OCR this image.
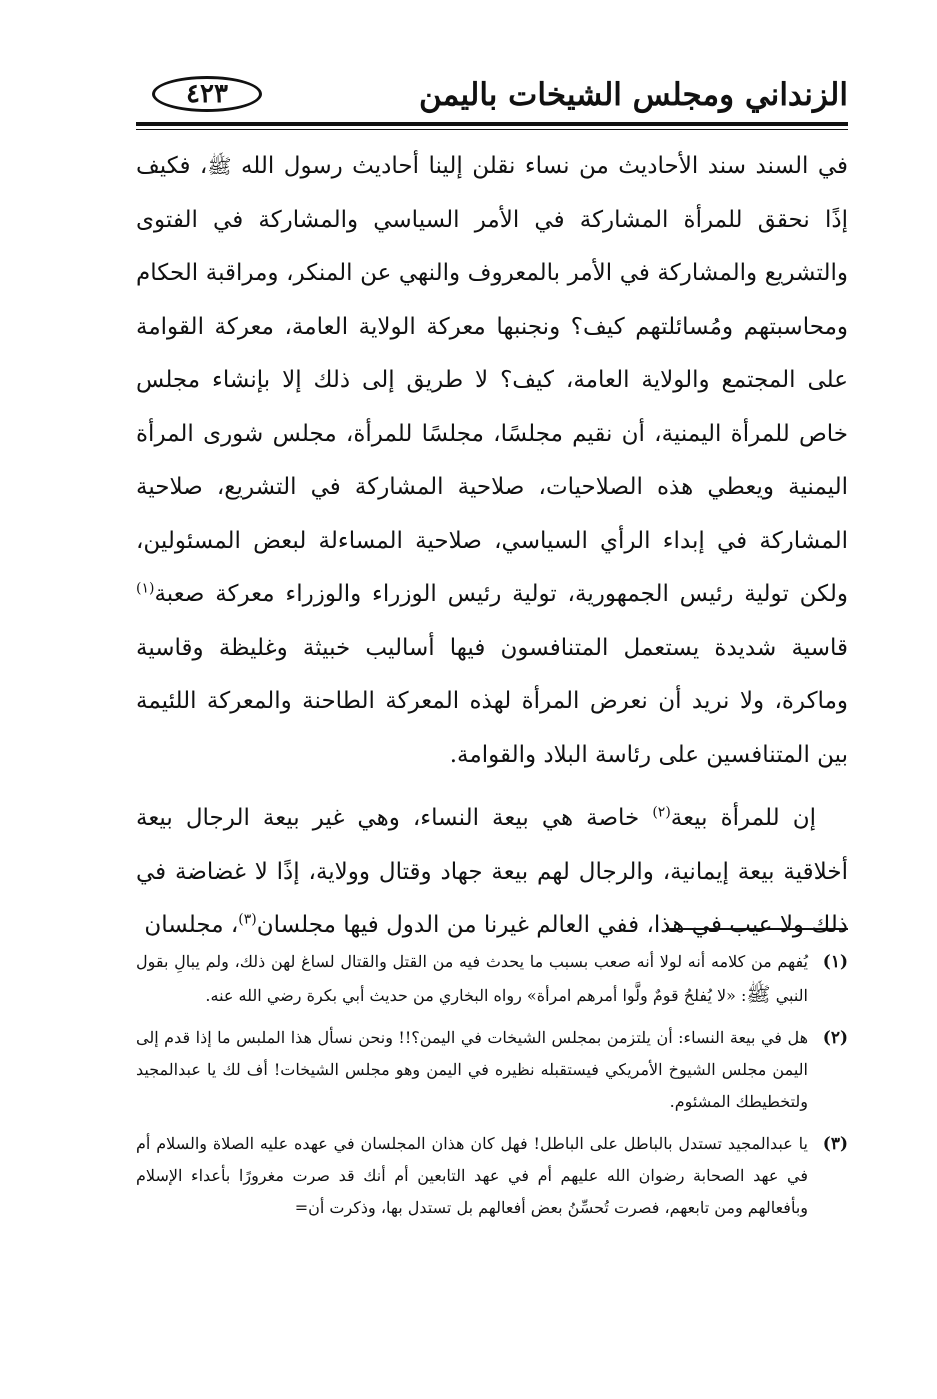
الزنداني ومجلس الشيخات باليمن
٤٢٣

في السند سند الأحاديث من نساء نقلن إلينا أحاديث رسول الله ﷺ، فكيف إذًا نحقق للمرأة المشاركة في الأمر السياسي والمشاركة في الفتوى والتشريع والمشاركة في الأمر بالمعروف والنهي عن المنكر، ومراقبة الحكام ومحاسبتهم ومُسائلتهم كيف؟ ونجنبها معركة الولاية العامة، معركة القوامة على المجتمع والولاية العامة، كيف؟ لا طريق إلى ذلك إلا بإنشاء مجلس خاص للمرأة اليمنية، أن نقيم مجلسًا، مجلسًا للمرأة، مجلس شورى المرأة اليمنية ويعطي هذه الصلاحيات، صلاحية المشاركة في التشريع، صلاحية المشاركة في إبداء الرأي السياسي، صلاحية المساءلة لبعض المسئولين، ولكن تولية رئيس الجمهورية، تولية رئيس الوزراء والوزراء معركة صعبة$^{(١)}$ قاسية شديدة يستعمل المتنافسون فيها أساليب خبيثة وغليظة وقاسية وماكرة، ولا نريد أن نعرض المرأة لهذه المعركة الطاحنة والمعركة اللئيمة بين المتنافسين على رئاسة البلاد والقوامة.

إن للمرأة بيعة$^{(٢)}$ خاصة هي بيعة النساء، وهي غير بيعة الرجال بيعة أخلاقية بيعة إيمانية، والرجال لهم بيعة جهاد وقتال وولاية، إذًا لا غضاضة في ذلك ولا عيب في هذا، ففي العالم غيرنا من الدول فيها مجلسان$^{(٣)}$، مجلسان

(١)
يُفهم من كلامه أنه لولا أنه صعب بسبب ما يحدث فيه من القتل والقتال لساغ لهن ذلك، ولم يبالِ بقول النبي ﷺ: «لا يُفلحُ قومٌ ولَّوا أمرهم امرأة» رواه البخاري من حديث أبي بكرة رضي الله عنه.
(٢)
هل في بيعة النساء: أن يلتزمن بمجلس الشيخات في اليمن؟!! ونحن نسأل هذا الملبس ما إذا قدم إلى اليمن مجلس الشيوخ الأمريكي فيستقبله نظيره في اليمن وهو مجلس الشيخات! أف لك يا عبدالمجيد ولتخطيطك المشئوم.
(٣)
يا عبدالمجيد تستدل بالباطل على الباطل! فهل كان هذان المجلسان في عهده عليه الصلاة والسلام أم في عهد الصحابة رضوان الله عليهم أم في عهد التابعين أم أنك قد صرت مغرورًا بأعداء الإسلام وبأفعالهم ومن تابعهم، فصرت تُحسِّنُ بعض أفعالهم بل تستدل بها، وذكرت أن=
